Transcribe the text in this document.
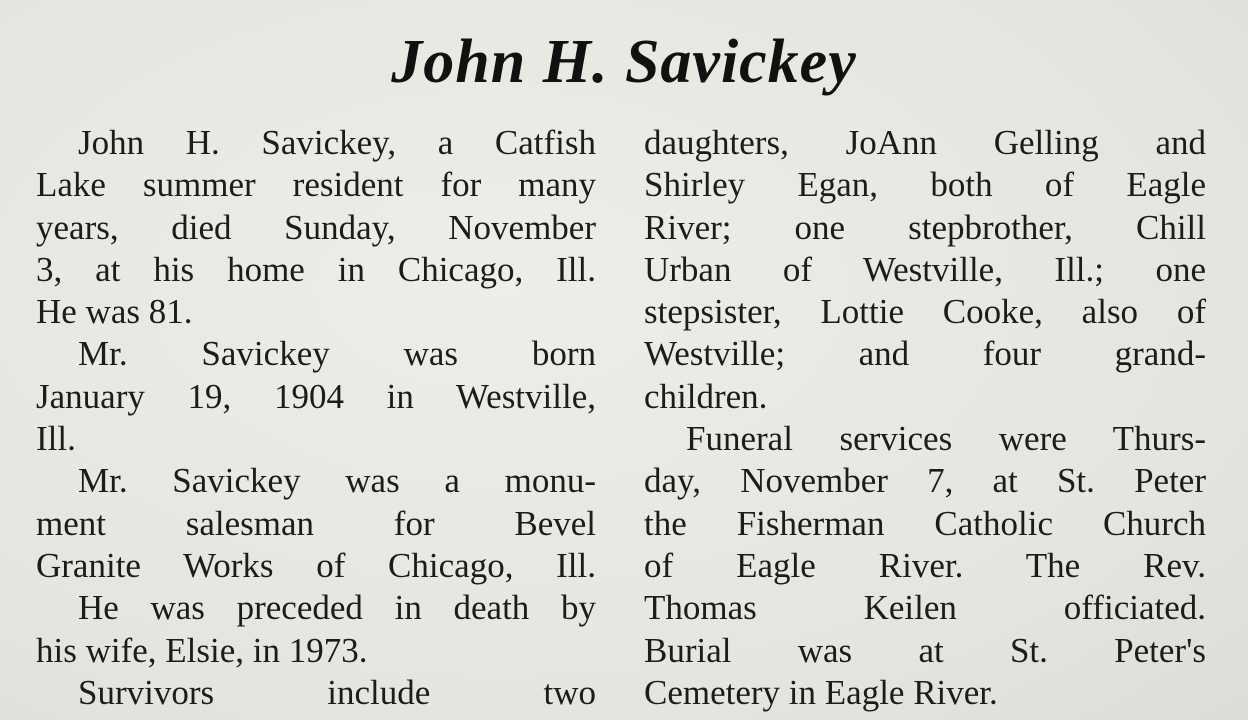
John H. Savickey
John H. Savickey, a Catfish
Lake summer resident for many
years, died Sunday, November
3, at his home in Chicago, Ill.
He was 81.
Mr. Savickey was born
January 19, 1904 in Westville,
Ill.
Mr. Savickey was a monu-
ment salesman for Bevel
Granite Works of Chicago, Ill.
He was preceded in death by
his wife, Elsie, in 1973.
Survivors include two
daughters, JoAnn Gelling and
Shirley Egan, both of Eagle
River; one stepbrother, Chill
Urban of Westville, Ill.; one
stepsister, Lottie Cooke, also of
Westville; and four grand-
children.
Funeral services were Thurs-
day, November 7, at St. Peter
the Fisherman Catholic Church
of Eagle River. The Rev.
Thomas Keilen officiated.
Burial was at St. Peter's
Cemetery in Eagle River.
